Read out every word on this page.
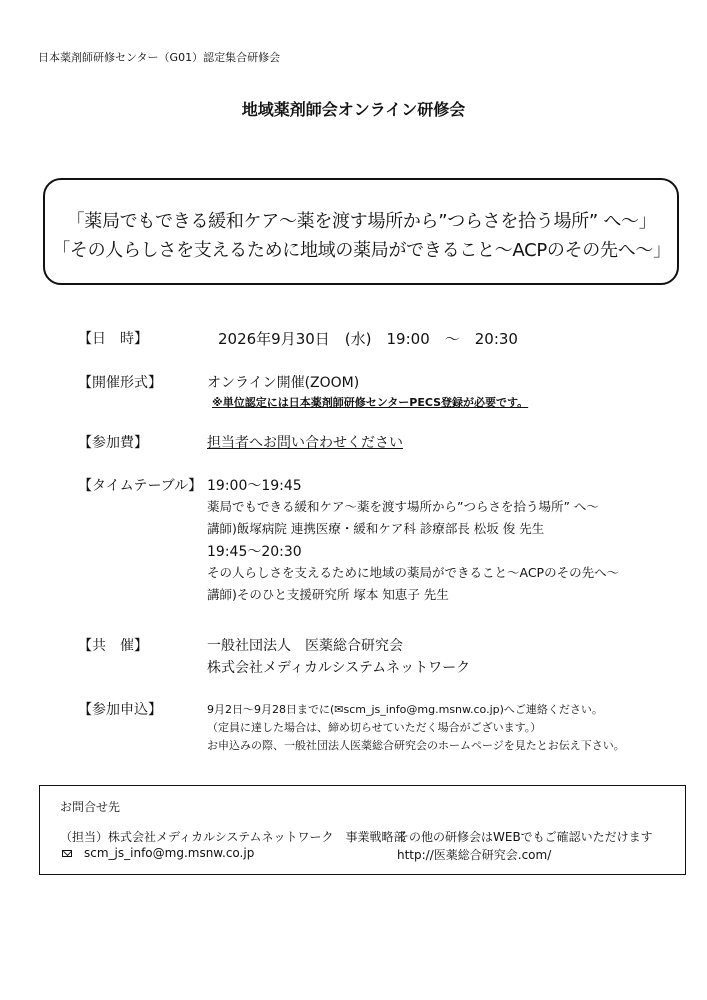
日本薬剤師研修センター（G01）認定集合研修会
地域薬剤師会オンライン研修会
「薬局でもできる緩和ケア～薬を渡す場所から”つらさを拾う場所” へ～」
「その人らしさを支えるために地域の薬局ができること～ACPのその先へ～」
【日　時】	2026年9月30日　(水)　19:00　～　20:30
【開催形式】	オンライン開催(ZOOM)
※単位認定には日本薬剤師研修センターPECS登録が必要です。
【参加費】	担当者へお問い合わせください
【タイムテーブル】 19:00～19:45
薬局でもできる緩和ケア～薬を渡す場所から”つらさを拾う場所” へ～
講師)飯塚病院 連携医療・緩和ケア科 診療部長 松坂 俊 先生
19:45～20:30
その人らしさを支えるために地域の薬局ができること～ACPのその先へ～
講師)そのひと支援研究所 塚本 知恵子 先生
【共　催】	一般社団法人　医薬総合研究会
株式会社メディカルシステムネットワーク
【参加申込】	9月2日～9月28日までに(✉scm_js_info@mg.msnw.co.jp)へご連絡ください。
（定員に達した場合は、締め切らせていただく場合がございます。）
お申込みの際、一般社団法人医薬総合研究会のホームページを見たとお伝え下さい。
お問合せ先
（担当）株式会社メディカルシステムネットワーク　事業戦略部
その他の研修会はWEBでもご確認いただけます
scm_js_info@mg.msnw.co.jp	http://医薬総合研究会.com/
